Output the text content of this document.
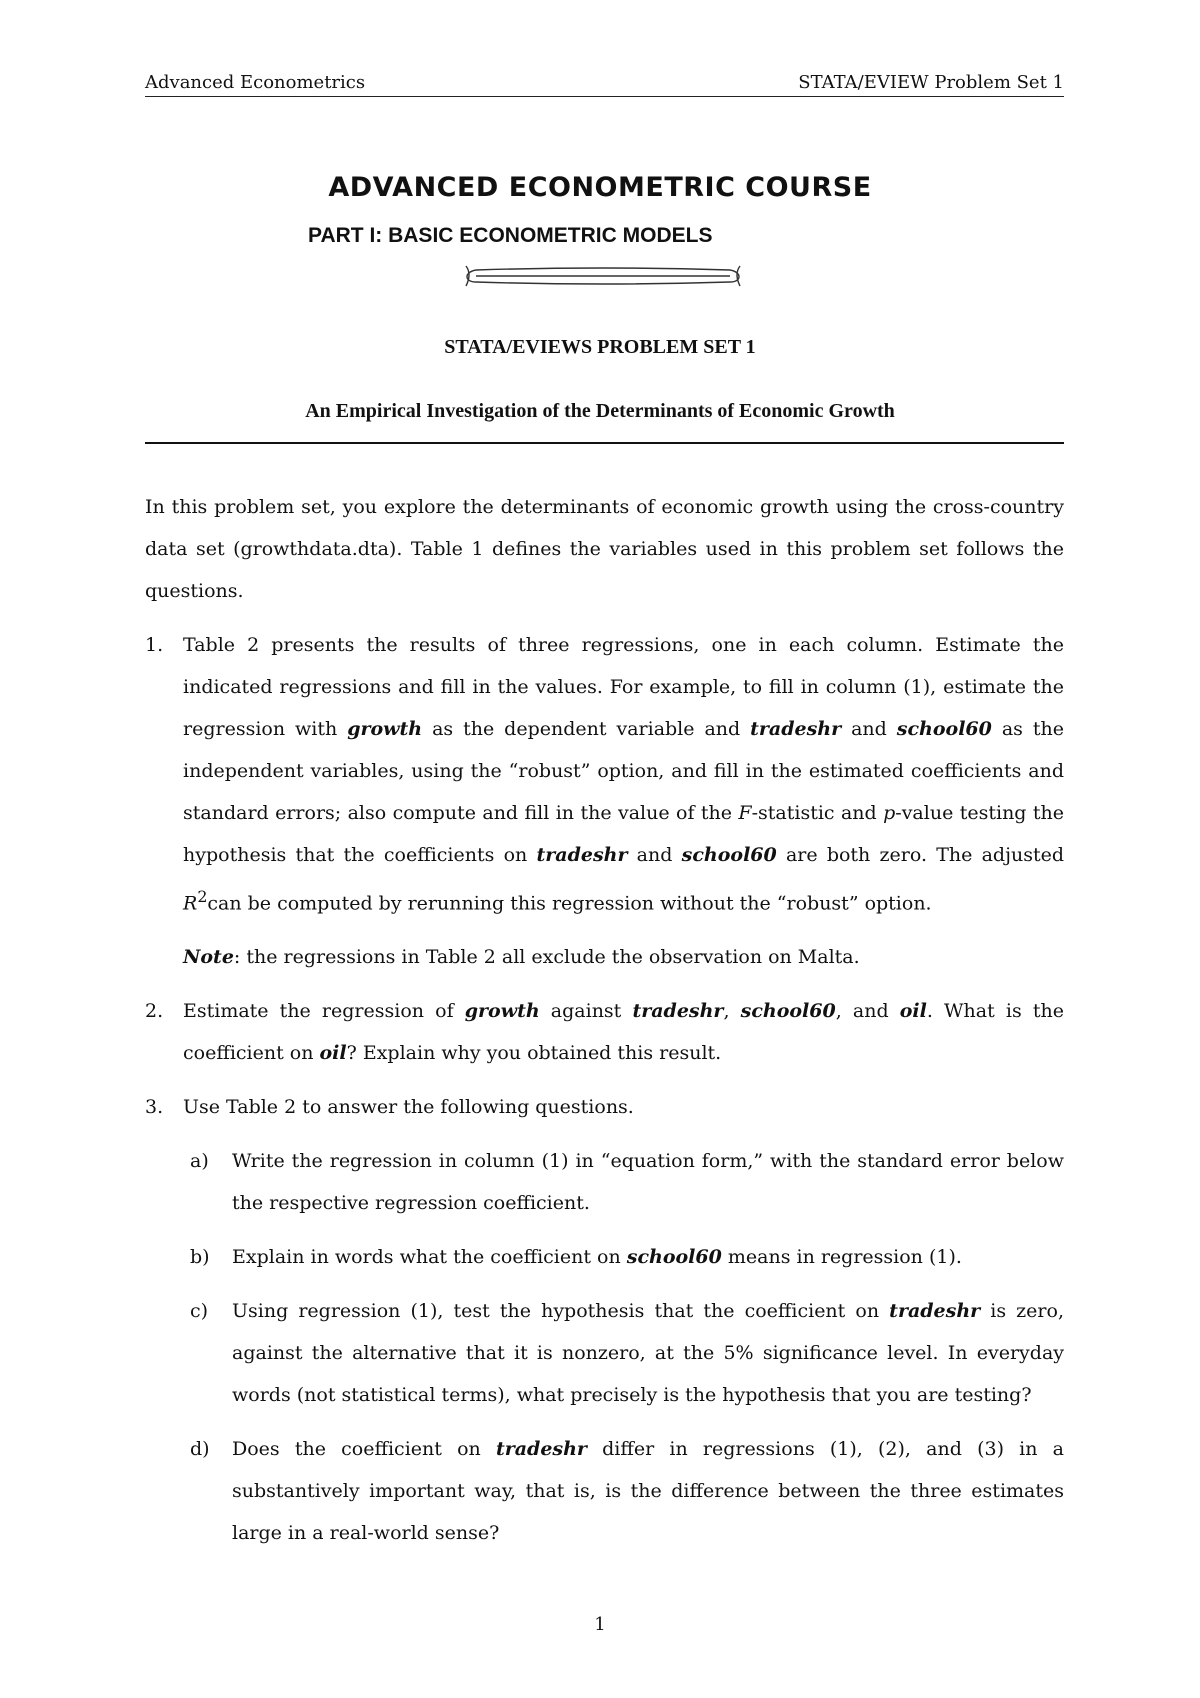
Advanced Econometrics	STATA/EVIEW Problem Set 1
ADVANCED ECONOMETRIC COURSE
PART I: BASIC ECONOMETRIC MODELS
STATA/EVIEWS PROBLEM SET 1
An Empirical Investigation of the Determinants of Economic Growth

In this problem set, you explore the determinants of economic growth using the cross-country data set (growthdata.dta). Table 1 defines the variables used in this problem set follows the questions.

1. Table 2 presents the results of three regressions, one in each column. Estimate the indicated regressions and fill in the values. For example, to fill in column (1), estimate the regression with growth as the dependent variable and tradeshr and school60 as the independent variables, using the “robust” option, and fill in the estimated coefficients and standard errors; also compute and fill in the value of the F-statistic and p-value testing the hypothesis that the coefficients on tradeshr and school60 are both zero. The adjusted $R^2can$ be computed by rerunning this regression without the “robust” option.

Note: the regressions in Table 2 all exclude the observation on Malta.

2. Estimate the regression of growth against tradeshr, school60, and oil. What is the coefficient on oil? Explain why you obtained this result.

3. Use Table 2 to answer the following questions.

a) Write the regression in column (1) in “equation form,” with the standard error below the respective regression coefficient.

b) Explain in words what the coefficient on school60 means in regression (1).

c) Using regression (1), test the hypothesis that the coefficient on tradeshr is zero, against the alternative that it is nonzero, at the 5% significance level. In everyday words (not statistical terms), what precisely is the hypothesis that you are testing?

d) Does the coefficient on tradeshr differ in regressions (1), (2), and (3) in a substantively important way, that is, is the difference between the three estimates large in a real-world sense?

1
